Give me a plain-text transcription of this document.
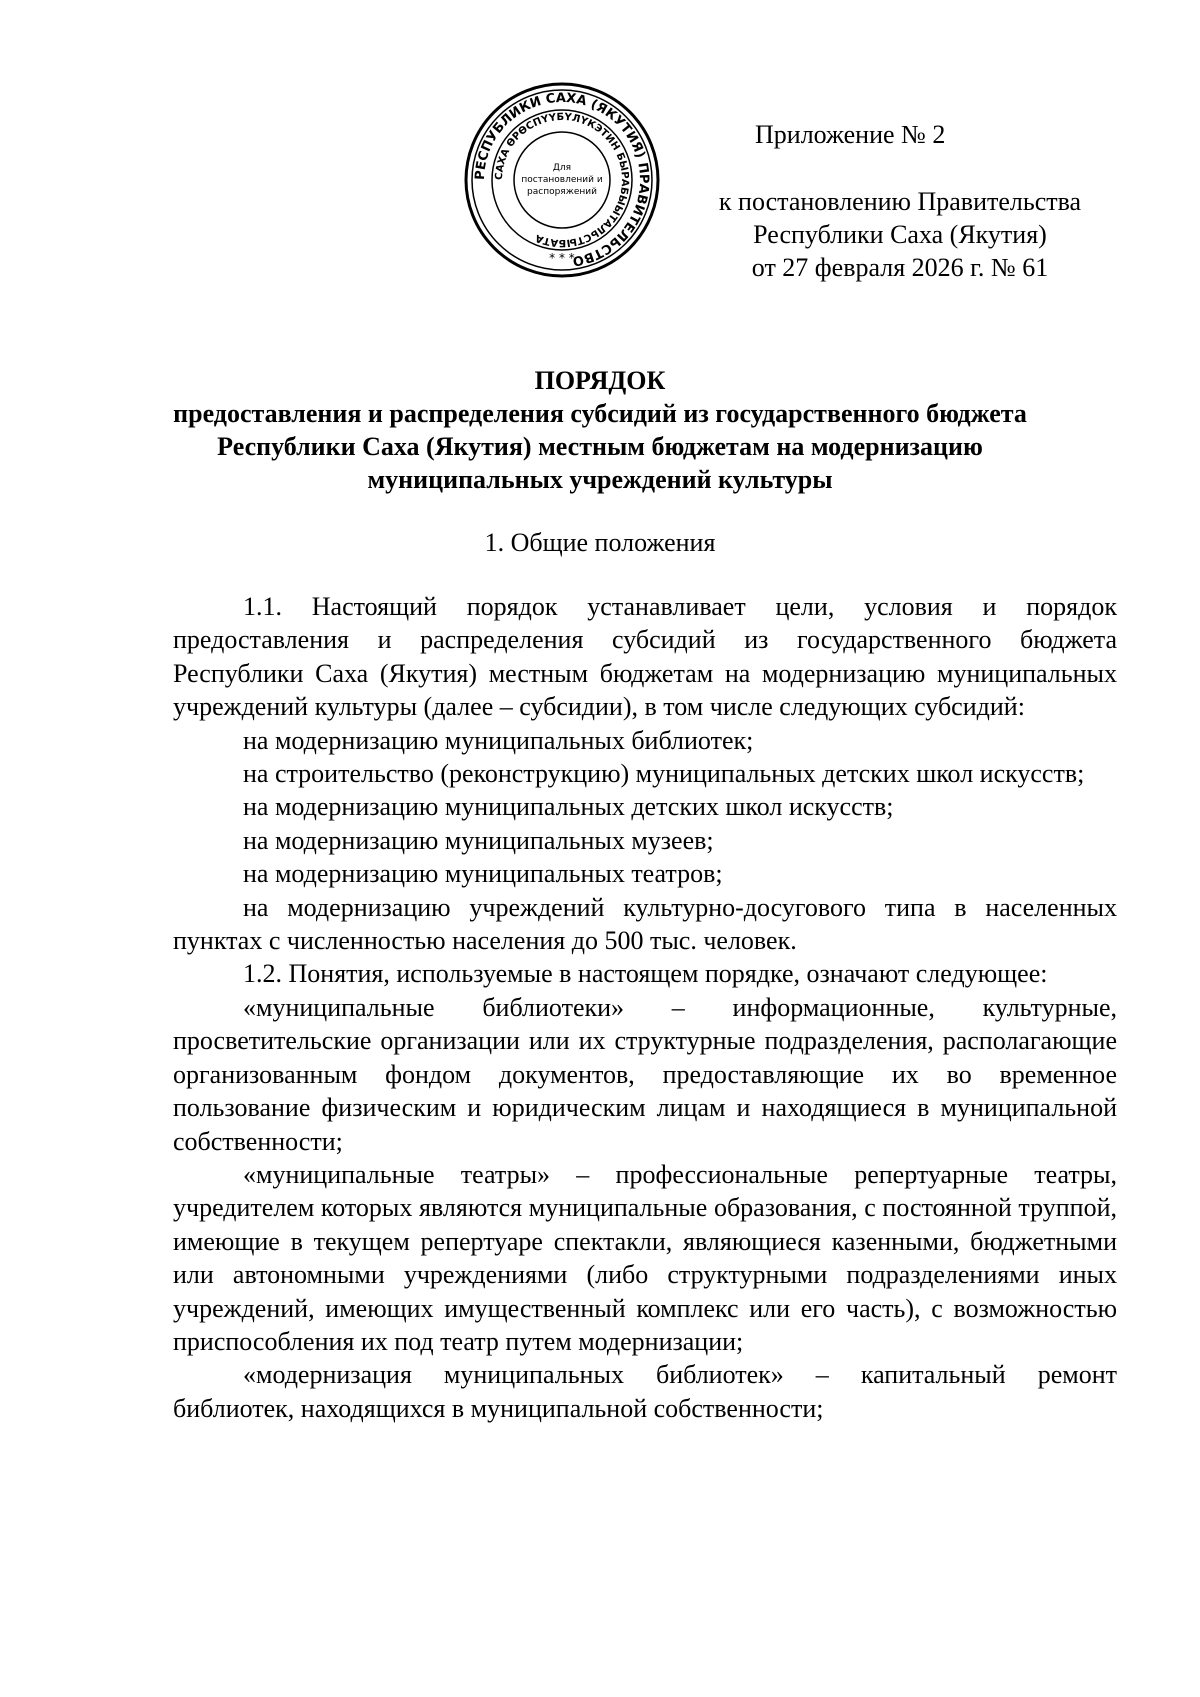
РЕСПУБЛИКИ САХА (ЯКУТИЯ) ПРАВИТЕЛЬСТВО
САХА ӨРӨСПҮҮБҮЛҮКЭТИН БЫРАБЫЫТАЛЬСТЫБАТА
Для
постановлений и
распоряжений
* * *
Приложение № 2
к постановлению Правительства
Республики Саха (Якутия)
от 27 февраля 2026 г. № 61
ПОРЯДОК
предоставления и распределения субсидий из государственного бюджета
Республики Саха (Якутия) местным бюджетам на модернизацию
муниципальных учреждений культуры
1. Общие положения

1.1. Настоящий порядок устанавливает цели, условия и порядок предоставления и распределения субсидий из государственного бюджета Республики Саха (Якутия) местным бюджетам на модернизацию муниципальных учреждений культуры (далее – субсидии), в том числе следующих субсидий:

на модернизацию муниципальных библиотек;

на строительство (реконструкцию) муниципальных детских школ искусств;

на модернизацию муниципальных детских школ искусств;

на модернизацию муниципальных музеев;

на модернизацию муниципальных театров;

на модернизацию учреждений культурно-досугового типа в населенных пунктах с численностью населения до 500 тыс. человек.

1.2. Понятия, используемые в настоящем порядке, означают следующее:

«муниципальные библиотеки» – информационные, культурные, просветительские организации или их структурные подразделения, располагающие организованным фондом документов, предоставляющие их во временное пользование физическим и юридическим лицам и находящиеся в муниципальной собственности;

«муниципальные театры» – профессиональные репертуарные театры, учредителем которых являются муниципальные образования, с постоянной труппой, имеющие в текущем репертуаре спектакли, являющиеся казенными, бюджетными или автономными учреждениями (либо структурными подразделениями иных учреждений, имеющих имущественный комплекс или его часть), с возможностью приспособления их под театр путем модернизации;

«модернизация муниципальных библиотек» – капитальный ремонт библиотек, находящихся в муниципальной собственности;
